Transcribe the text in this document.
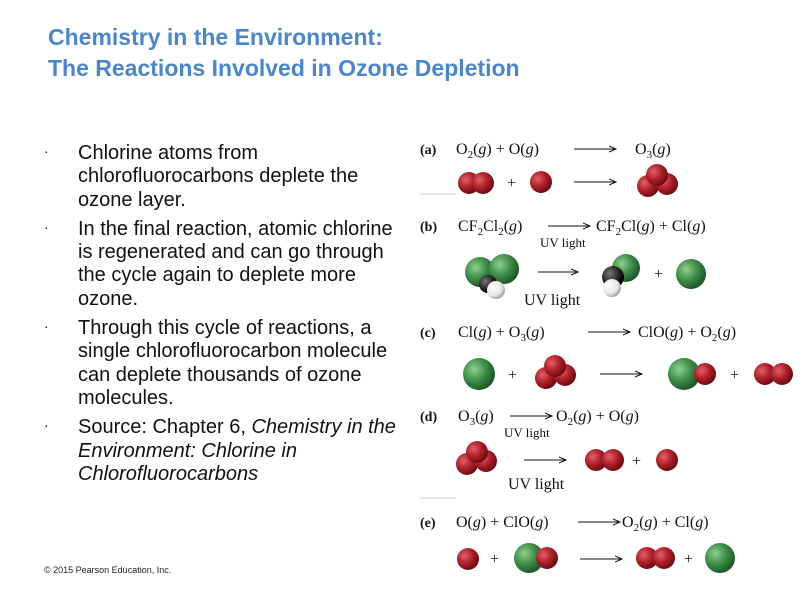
Chemistry in the Environment:
The Reactions Involved in Ozone Depletion
· Chlorine atoms from chlorofluorocarbons deplete the ozone layer.
· In the final reaction, atomic chlorine is regenerated and can go through the cycle again to deplete more ozone.
· Through this cycle of reactions, a single chlorofluorocarbon molecule can deplete thousands of ozone molecules.
· Source: Chapter 6, Chemistry in the Environment: Chlorine in Chlorofluorocarbons
© 2015 Pearson Education, Inc.
(a) $O_2(g) + O(g)$	$O_3(g)$
+
(b) $CF_2Cl_2(g)$
UV light
$CF_2Cl(g) + Cl(g)$
UV light
+
(c) $Cl(g) + O_3(g)$	$ClO(g) + O_2(g)$
+	+
(d) $O_3(g)$
UV light
$O_2(g) + O(g)$
UV light
+
(e) O(g) + ClO(g)	$O_2(g) + Cl(g)$
+	+
